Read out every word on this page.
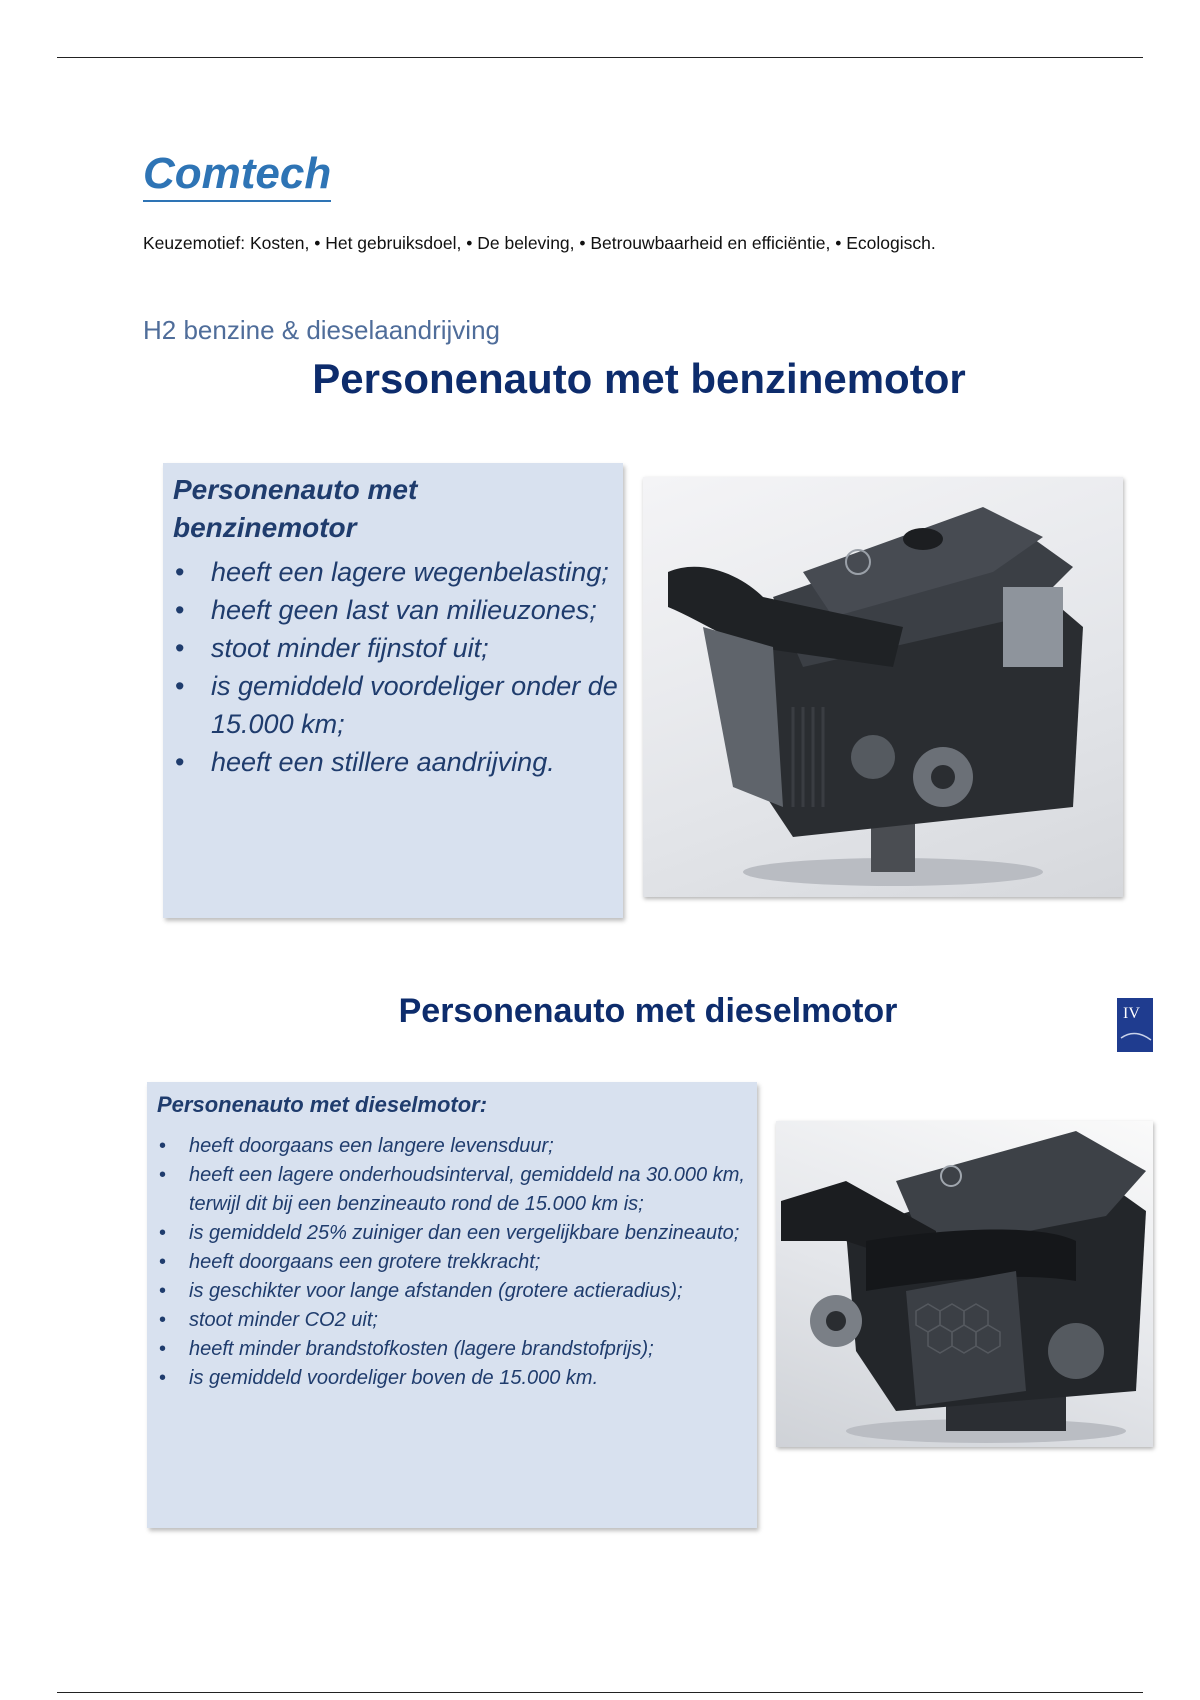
Comtech

Keuzemotief: Kosten, • Het gebruiksdoel, • De beleving, • Betrouwbaarheid en efficiëntie, • Ecologisch.

H2 benzine & dieselaandrijving
Personenauto met benzinemotor

Personenauto met benzinemotor

• heeft een lagere wegenbelasting;
• heeft geen last van milieuzones;
• stoot minder fijnstof uit;
• is gemiddeld voordeliger onder de 15.000 km;
• heeft een stillere aandrijving.
Personenauto met dieselmotor	IV

Personenauto met dieselmotor:

• heeft doorgaans een langere levensduur;
• heeft een lagere onderhoudsinterval, gemiddeld na 30.000 km, terwijl dit bij een benzineauto rond de 15.000 km is;
• is gemiddeld 25% zuiniger dan een vergelijkbare benzineauto;
• heeft doorgaans een grotere trekkracht;
• is geschikter voor lange afstanden (grotere actieradius);
• stoot minder CO2 uit;
• heeft minder brandstofkosten (lagere brandstofprijs);
• is gemiddeld voordeliger boven de 15.000 km.
